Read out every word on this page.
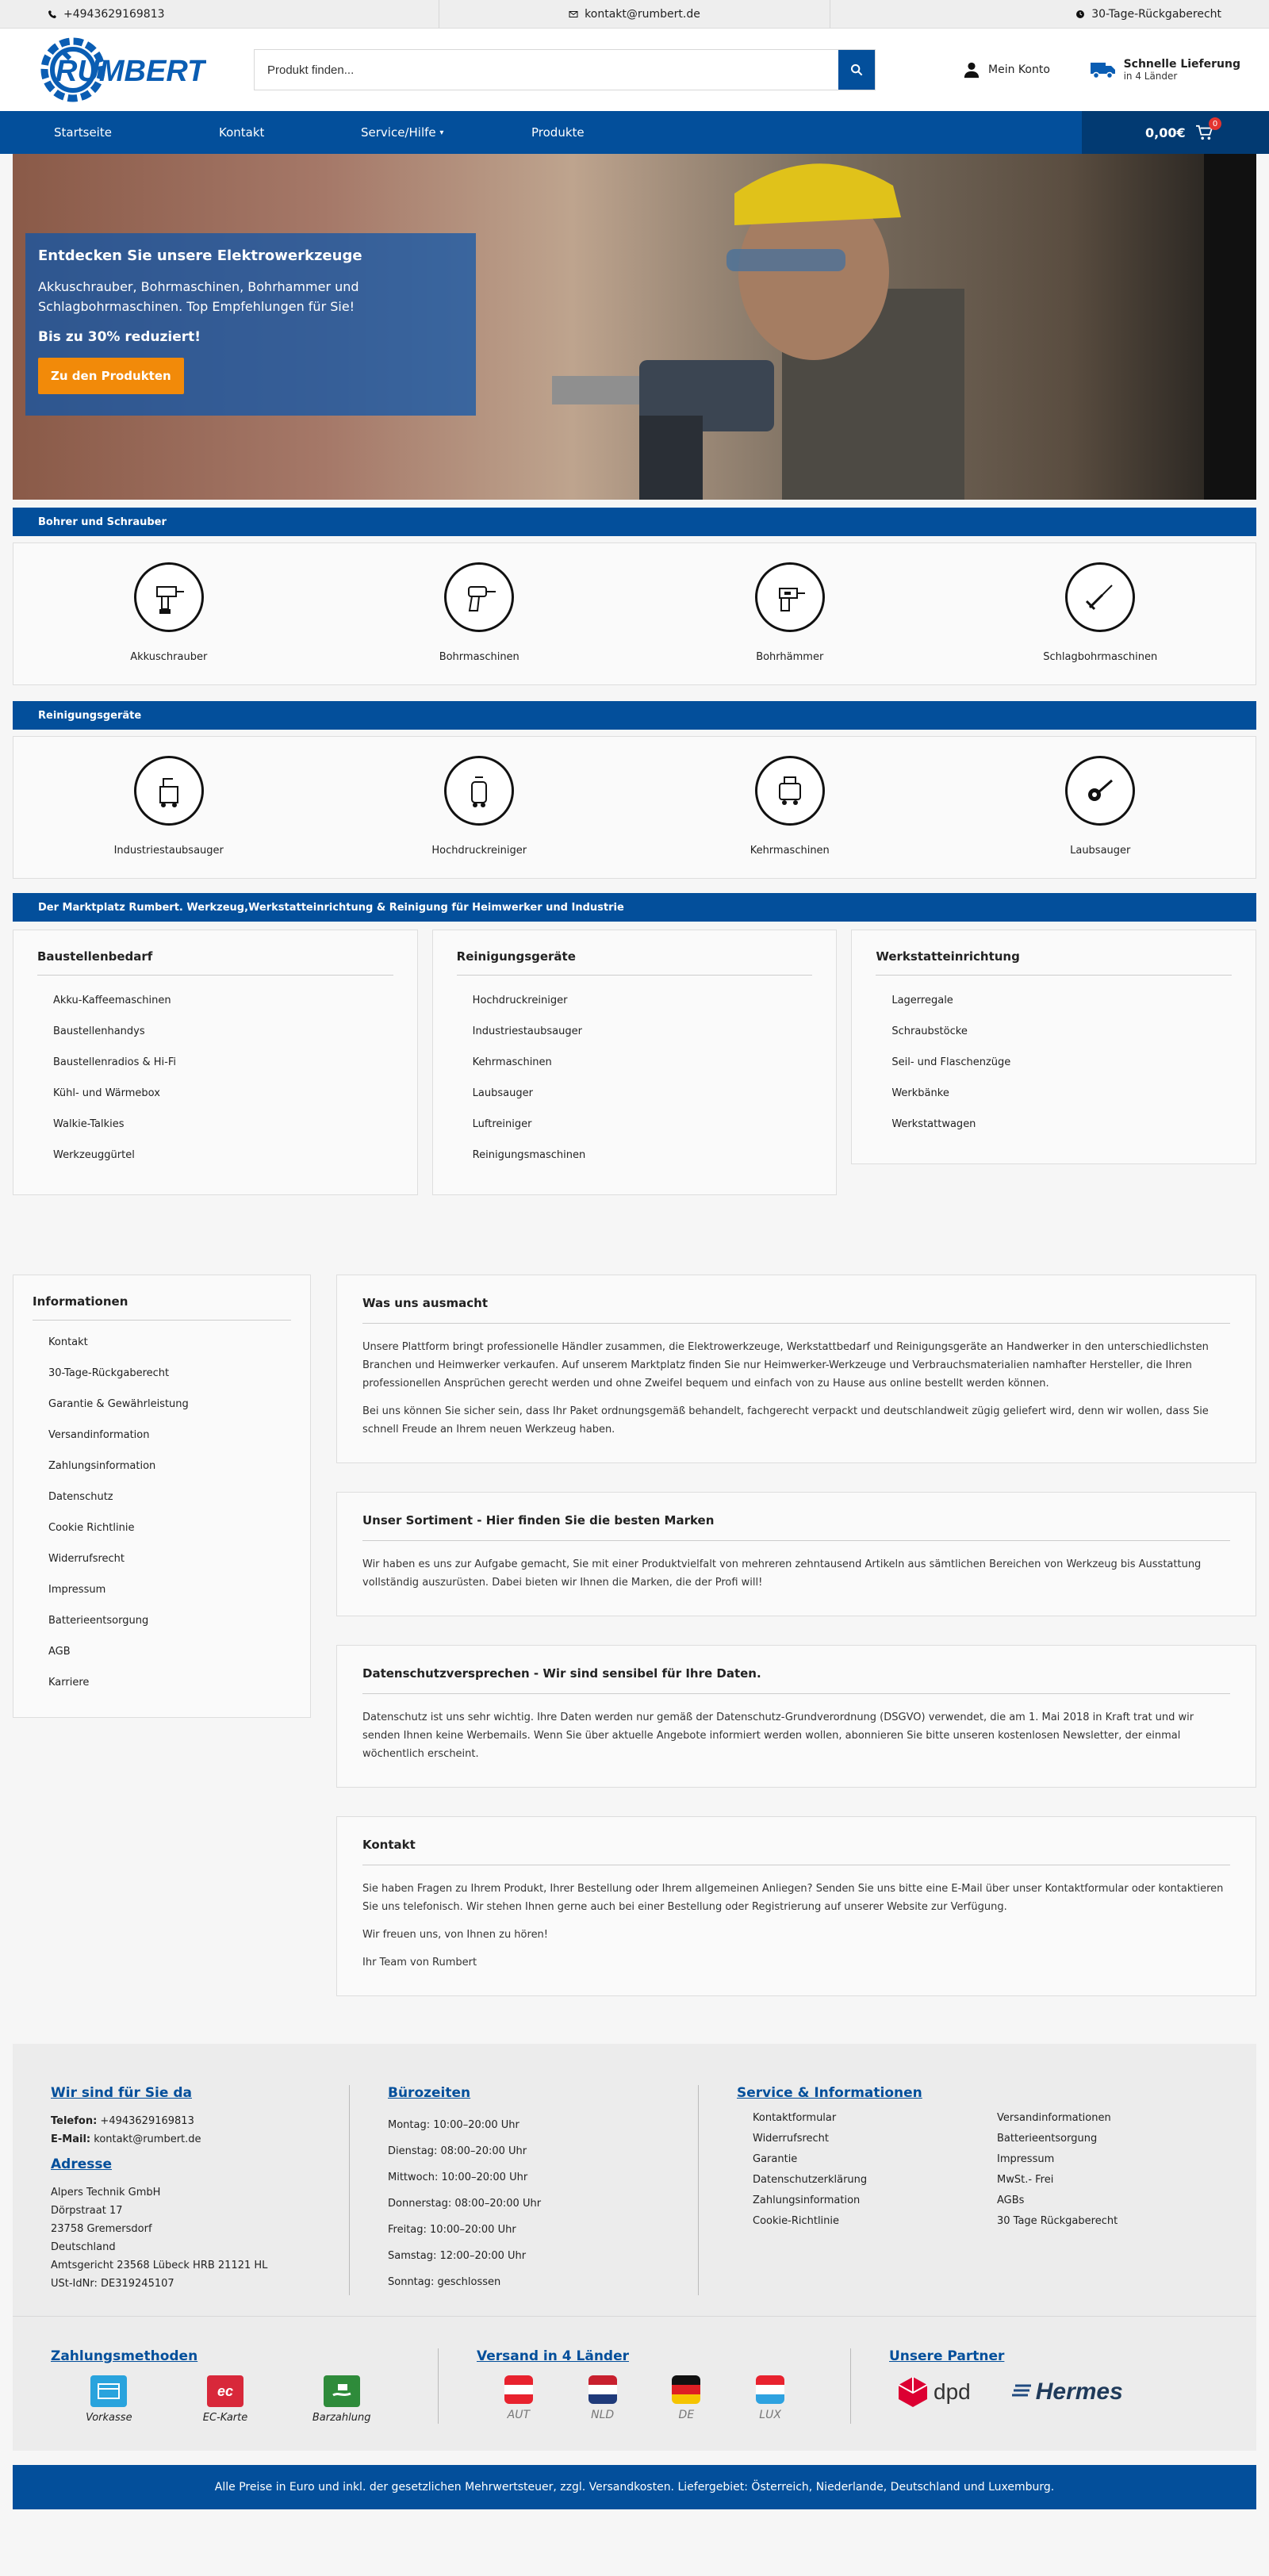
+4943629169813	kontakt@rumbert.de	30-Tage-Rückgaberecht
RUMBERT
Produkt finden...	Mein Konto	Schnelle Lieferung
in 4 Länder
Startseite	Kontakt	Service/Hilfe
▾	Produkte	0,00€
0
Entdecken Sie unsere Elektrowerkzeuge

Akkuschrauber, Bohrmaschinen, Bohrhammer und Schlagbohrmaschinen. Top Empfehlungen für Sie!

Bis zu 30% reduziert!
Zu den Produkten
Bohrer und Schrauber
Akkuschrauber	Bohrmaschinen	Bohrhämmer	Schlagbohrmaschinen
Reinigungsgeräte
Industriestaubsauger	Hochdruckreiniger	Kehrmaschinen	Laubsauger
Der Marktplatz Rumbert. Werkzeug,Werkstatteinrichtung & Reinigung für Heimwerker und Industrie
Baustellenbedarf
Akku-Kaffeemaschinen
Baustellenhandys
Baustellenradios & Hi-Fi
Kühl- und Wärmebox
Walkie-Talkies
Werkzeuggürtel
Reinigungsgeräte
Hochdruckreiniger
Industriestaubsauger
Kehrmaschinen
Laubsauger
Luftreiniger
Reinigungsmaschinen
Werkstatteinrichtung
Lagerregale
Schraubstöcke
Seil- und Flaschenzüge
Werkbänke
Werkstattwagen
Informationen
Kontakt
30-Tage-Rückgaberecht
Garantie & Gewährleistung
Versandinformation
Zahlungsinformation
Datenschutz
Cookie Richtlinie
Widerrufsrecht
Impressum
Batterieentsorgung
AGB
Karriere
Was uns ausmacht

Unsere Plattform bringt professionelle Händler zusammen, die Elektrowerkzeuge, Werkstattbedarf und Reinigungsgeräte an Handwerker in den unterschiedlichsten Branchen und Heimwerker verkaufen. Auf unserem Marktplatz finden Sie nur Heimwerker-Werkzeuge und Verbrauchsmaterialien namhafter Hersteller, die Ihren professionellen Ansprüchen gerecht werden und ohne Zweifel bequem und einfach von zu Hause aus online bestellt werden können.

Bei uns können Sie sicher sein, dass Ihr Paket ordnungsgemäß behandelt, fachgerecht verpackt und deutschlandweit zügig geliefert wird, denn wir wollen, dass Sie schnell Freude an Ihrem neuen Werkzeug haben.

Unser Sortiment - Hier finden Sie die besten Marken

Wir haben es uns zur Aufgabe gemacht, Sie mit einer Produktvielfalt von mehreren zehntausend Artikeln aus sämtlichen Bereichen von Werkzeug bis Ausstattung vollständig auszurüsten. Dabei bieten wir Ihnen die Marken, die der Profi will!

Datenschutzversprechen - Wir sind sensibel für Ihre Daten.

Datenschutz ist uns sehr wichtig. Ihre Daten werden nur gemäß der Datenschutz-Grundverordnung (DSGVO) verwendet, die am 1. Mai 2018 in Kraft trat und wir senden Ihnen keine Werbemails. Wenn Sie über aktuelle Angebote informiert werden wollen, abonnieren Sie bitte unseren kostenlosen Newsletter, der einmal wöchentlich erscheint.

Kontakt

Sie haben Fragen zu Ihrem Produkt, Ihrer Bestellung oder Ihrem allgemeinen Anliegen? Senden Sie uns bitte eine E-Mail über unser Kontaktformular oder kontaktieren Sie uns telefonisch. Wir stehen Ihnen gerne auch bei einer Bestellung oder Registrierung auf unserer Website zur Verfügung.

Wir freuen uns, von Ihnen zu hören!

Ihr Team von Rumbert

Wir sind für Sie da
Telefon: +4943629169813
E-Mail: kontakt@rumbert.de
Adresse
Alpers Technik GmbH
Dörpstraat 17
23758 Gremersdorf
Deutschland
Amtsgericht 23568 Lübeck HRB 21121 HL
USt-IdNr: DE319245107
Bürozeiten
Montag: 10:00–20:00 Uhr
Dienstag: 08:00–20:00 Uhr
Mittwoch: 10:00–20:00 Uhr
Donnerstag: 08:00–20:00 Uhr
Freitag: 10:00–20:00 Uhr
Samstag: 12:00–20:00 Uhr
Sonntag: geschlossen
Service & Informationen
Kontaktformular	Versandinformationen
Widerrufsrecht	Batterieentsorgung
Garantie	Impressum
Datenschutzerklärung	MwSt.- Frei
Zahlungsinformation	AGBs
Cookie-Richtlinie	30 Tage Rückgaberecht
Zahlungsmethoden
Vorkasse
ec
EC-Karte	Barzahlung
Versand in 4 Länder
AUT	NLD	DE	LUX
Unsere Partner
dpd	Hermes
Alle Preise in Euro und inkl. der gesetzlichen Mehrwertsteuer, zzgl. Versandkosten. Liefergebiet: Österreich, Niederlande, Deutschland und Luxemburg.
